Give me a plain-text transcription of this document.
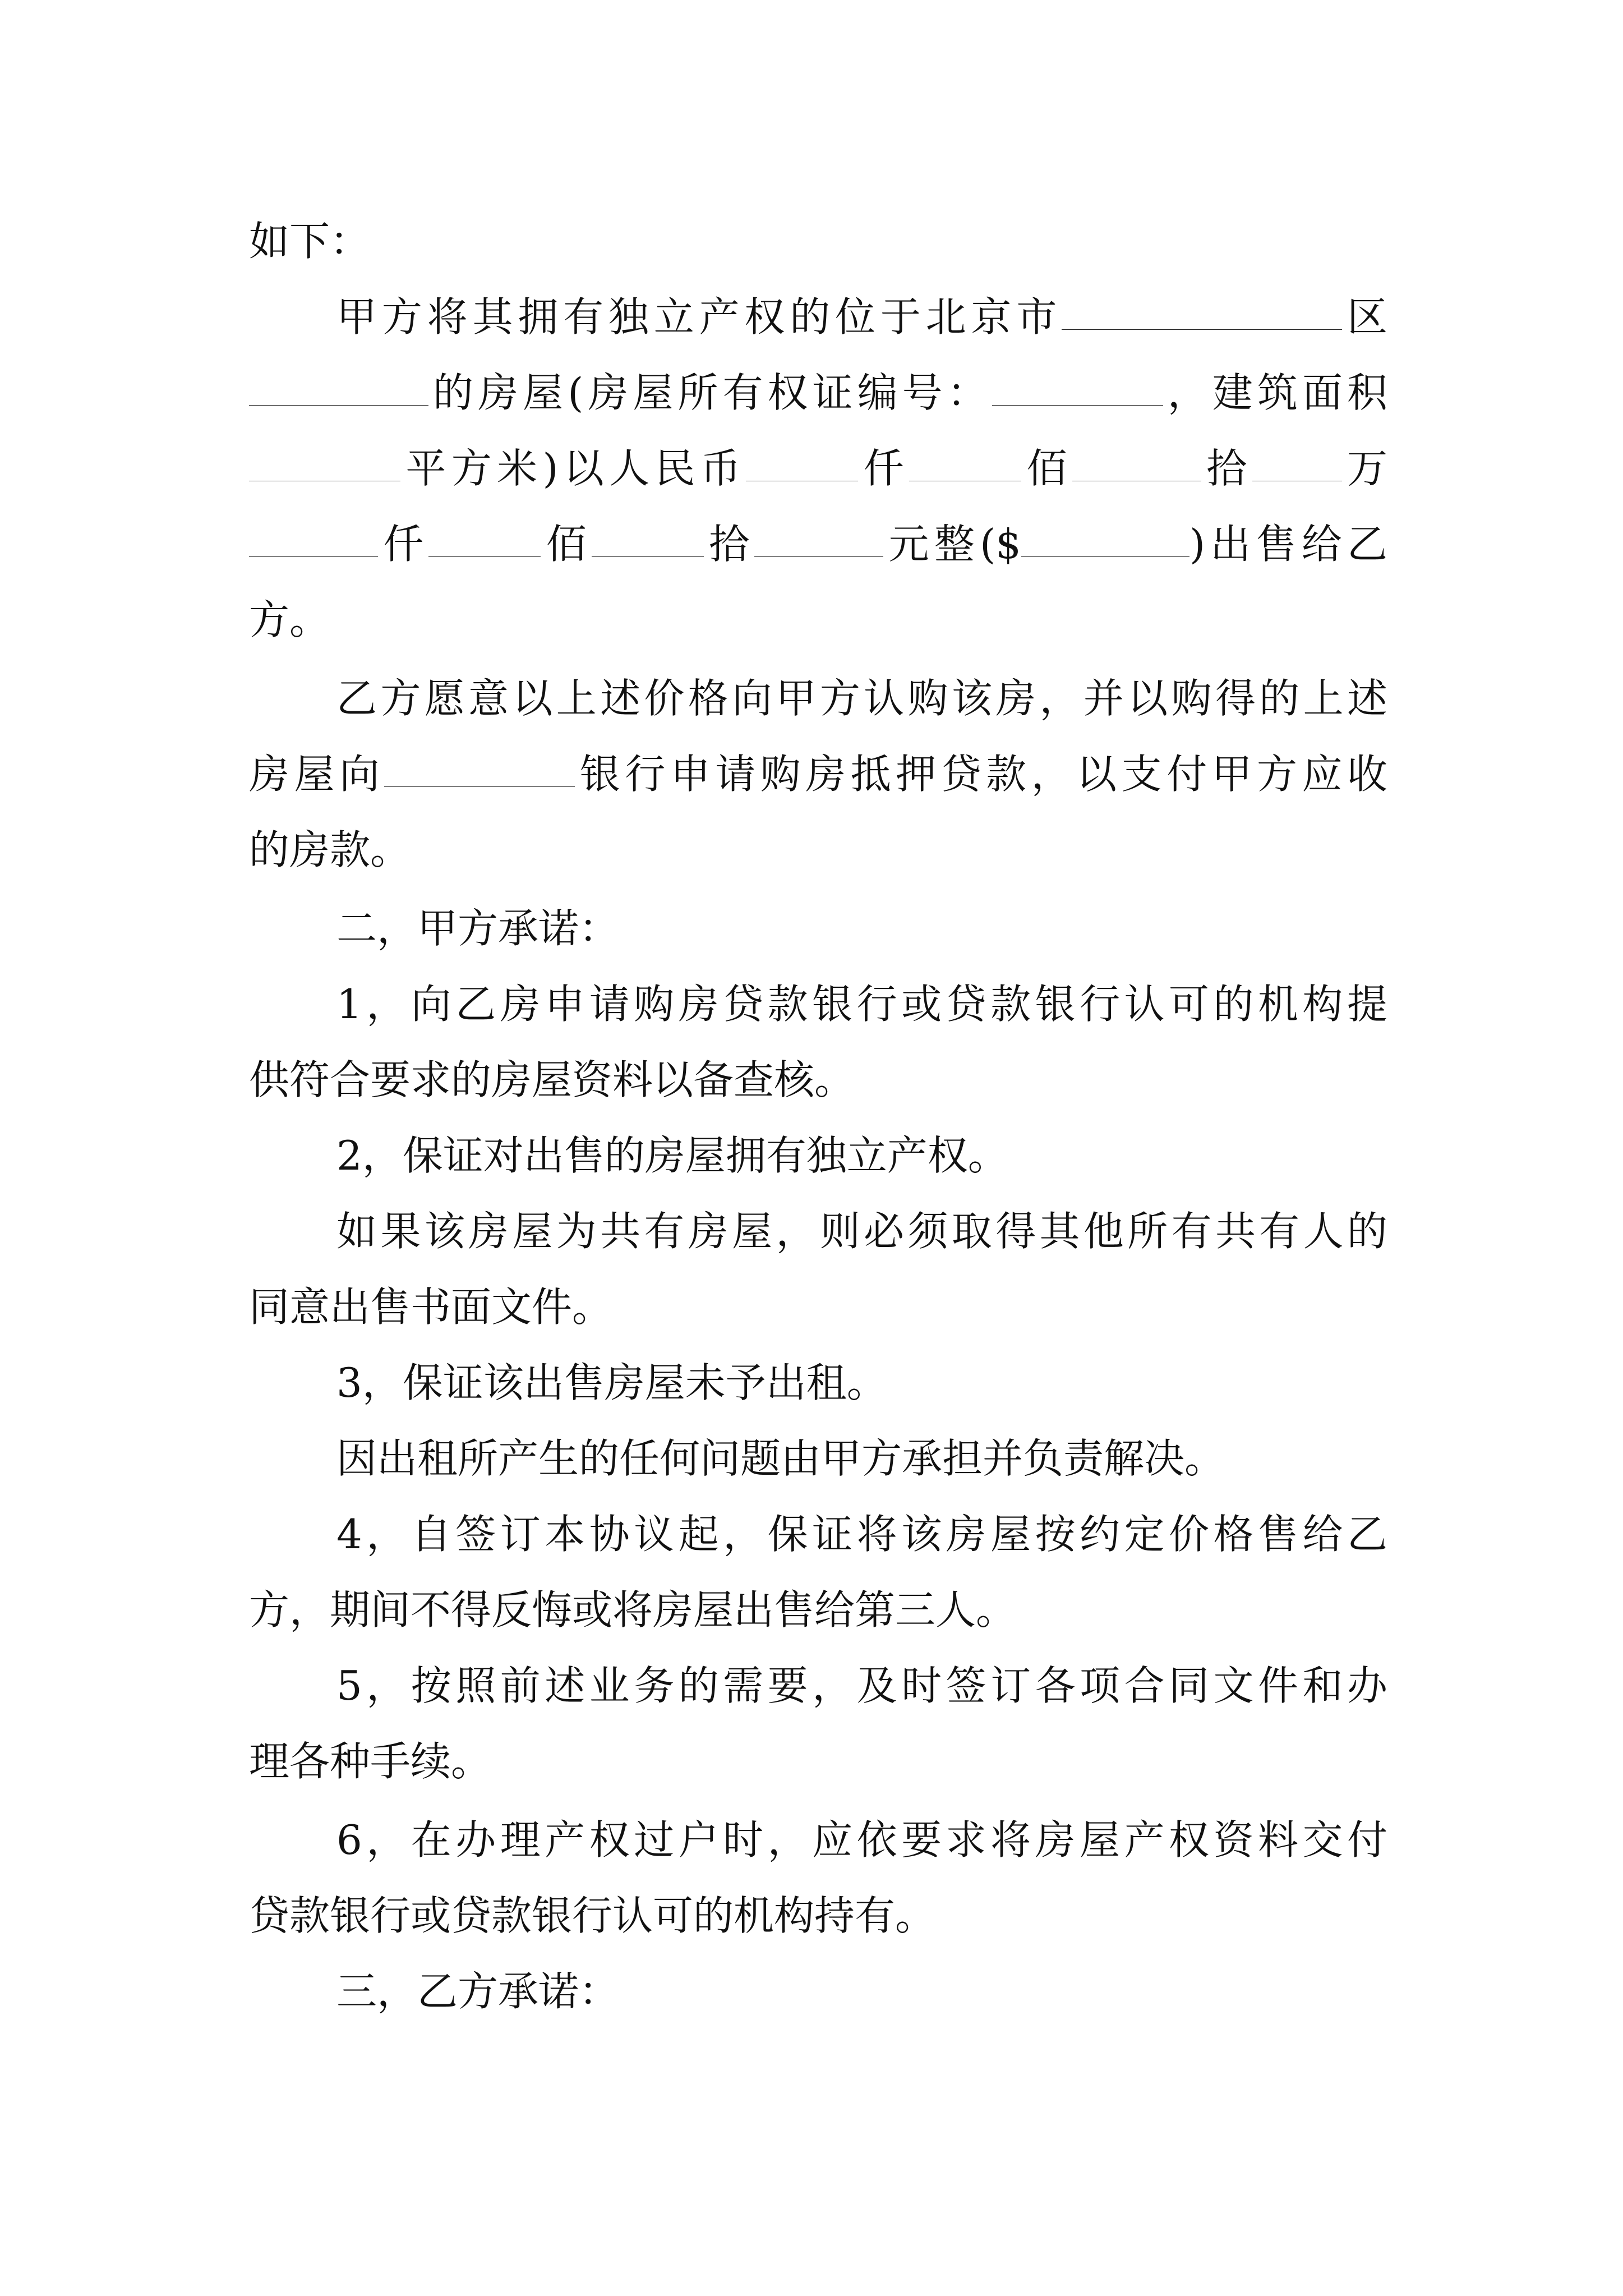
如下：
甲方将其拥有独立产权的位于北京市	区
的房屋(房屋所有权证编号：	，建筑面积
平方米)以人民币	仟	佰	拾 万
仟	佰	拾	元整($	)出售给乙
方。
乙方愿意以上述价格向甲方认购该房，并以购得的上述
房屋向	银行申请购房抵押贷款，以支付甲方应收
的房款。
二，甲方承诺：
1，向乙房申请购房贷款银行或贷款银行认可的机构提
供符合要求的房屋资料以备查核。
2，保证对出售的房屋拥有独立产权。
如果该房屋为共有房屋，则必须取得其他所有共有人的
同意出售书面文件。
3，保证该出售房屋未予出租。
因出租所产生的任何问题由甲方承担并负责解决。
4，自签订本协议起，保证将该房屋按约定价格售给乙
方，期间不得反悔或将房屋出售给第三人。
5，按照前述业务的需要，及时签订各项合同文件和办
理各种手续。
6，在办理产权过户时，应依要求将房屋产权资料交付
贷款银行或贷款银行认可的机构持有。
三，乙方承诺：
